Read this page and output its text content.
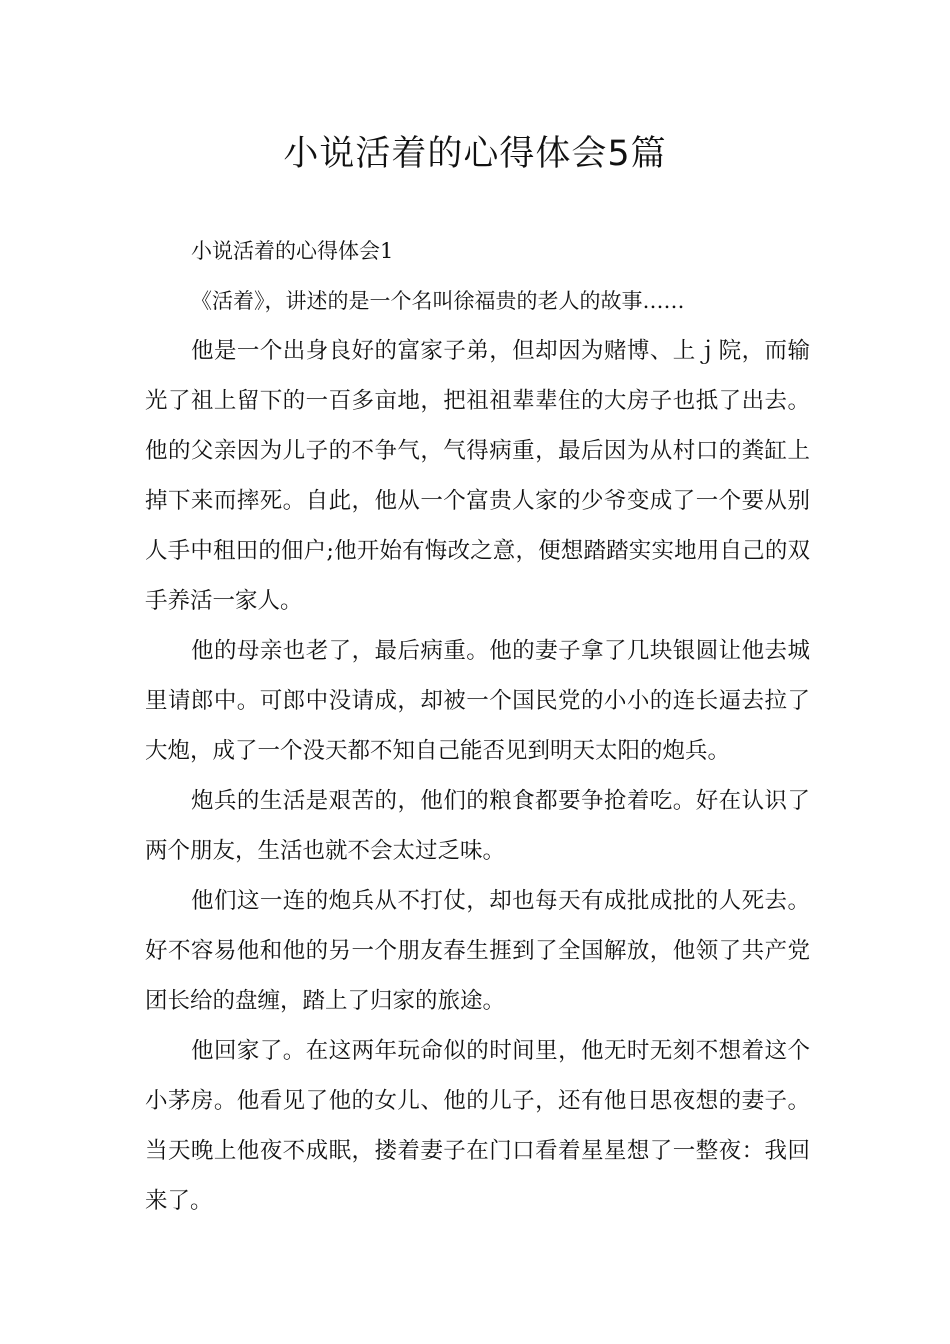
小说活着的心得体会5篇

小说活着的心得体会1

《活着》，讲述的是一个名叫徐福贵的老人的故事……

他是一个出身良好的富家子弟，但却因为赌博、上ｊ院，而输光了祖上留下的一百多亩地，把祖祖辈辈住的大房子也抵了出去。他的父亲因为儿子的不争气，气得病重，最后因为从村口的粪缸上掉下来而摔死。自此，他从一个富贵人家的少爷变成了一个要从别人手中租田的佃户;他开始有悔改之意，便想踏踏实实地用自己的双手养活一家人。

他的母亲也老了，最后病重。他的妻子拿了几块银圆让他去城里请郎中。可郎中没请成，却被一个国民党的小小的连长逼去拉了大炮，成了一个没天都不知自己能否见到明天太阳的炮兵。

炮兵的生活是艰苦的，他们的粮食都要争抢着吃。好在认识了两个朋友，生活也就不会太过乏味。

他们这一连的炮兵从不打仗，却也每天有成批成批的人死去。好不容易他和他的另一个朋友春生捱到了全国解放，他领了共产党团长给的盘缠，踏上了归家的旅途。

他回家了。在这两年玩命似的时间里，他无时无刻不想着这个小茅房。他看见了他的女儿、他的儿子，还有他日思夜想的妻子。当天晚上他夜不成眠，搂着妻子在门口看着星星想了一整夜：我回来了。
